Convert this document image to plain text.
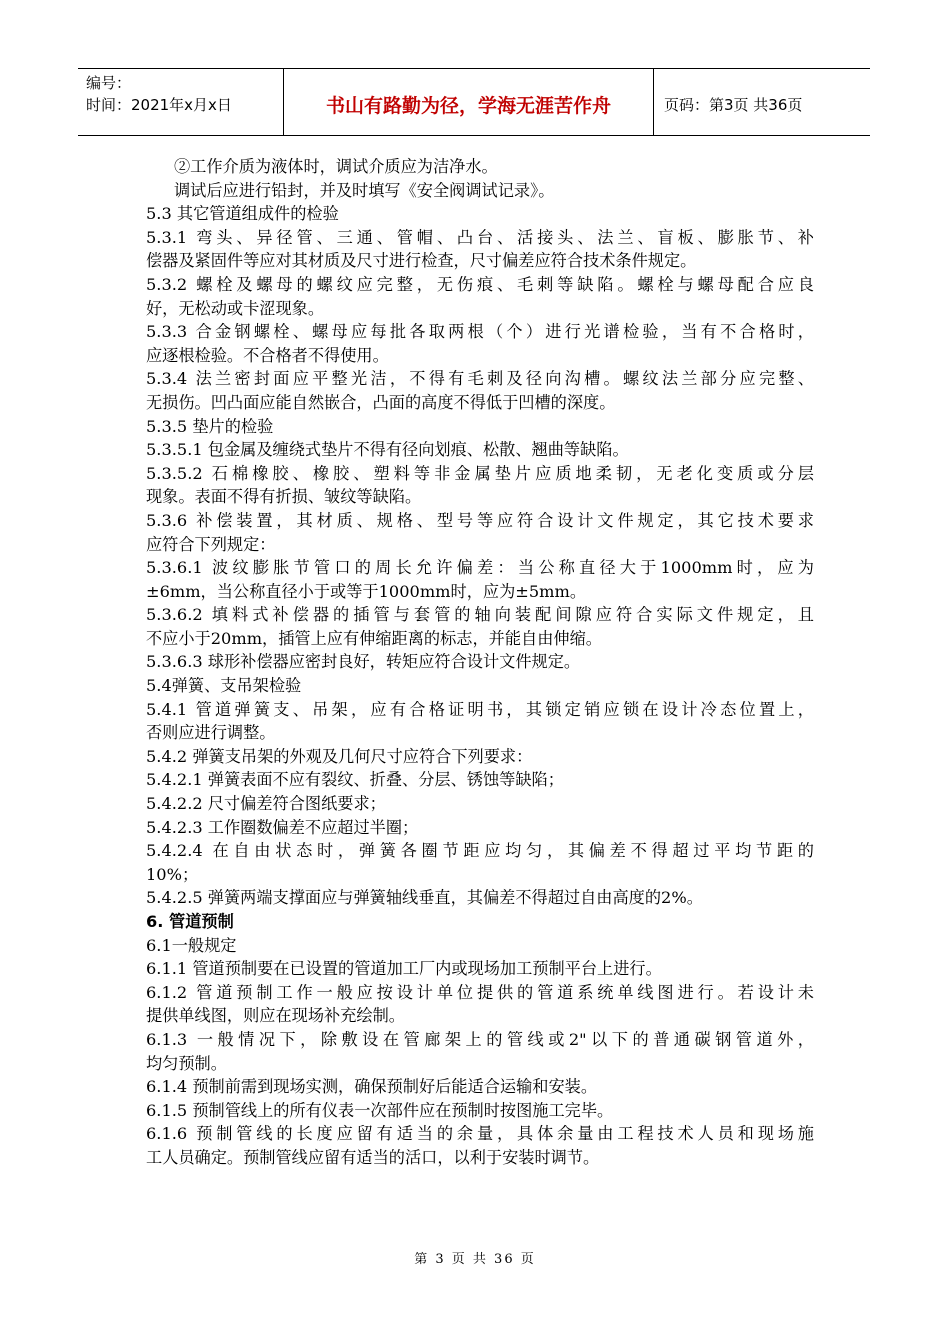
编号：
时间：2021年x月x日	书山有路勤为径，学海无涯苦作舟	页码：第3页 共36页
②工作介质为液体时，调试介质应为洁净水。
调试后应进行铅封，并及时填写《安全阀调试记录》。
5.3 其它管道组成件的检验
5.3.1 弯头、异径管、三通、管帽、凸台、活接头、法兰、盲板、膨胀节、补
偿器及紧固件等应对其材质及尺寸进行检查，尺寸偏差应符合技术条件规定。
5.3.2 螺栓及螺母的螺纹应完整，无伤痕、毛刺等缺陷。螺栓与螺母配合应良
好，无松动或卡涩现象。
5.3.3 合金钢螺栓、螺母应每批各取两根（个）进行光谱检验，当有不合格时，
应逐根检验。不合格者不得使用。
5.3.4 法兰密封面应平整光洁，不得有毛刺及径向沟槽。螺纹法兰部分应完整、
无损伤。凹凸面应能自然嵌合，凸面的高度不得低于凹槽的深度。
5.3.5 垫片的检验
5.3.5.1 包金属及缠绕式垫片不得有径向划痕、松散、翘曲等缺陷。
5.3.5.2 石棉橡胶、橡胶、塑料等非金属垫片应质地柔韧，无老化变质或分层
现象。表面不得有折损、皱纹等缺陷。
5.3.6 补偿装置，其材质、规格、型号等应符合设计文件规定，其它技术要求
应符合下列规定：
5.3.6.1 波纹膨胀节管口的周长允许偏差：当公称直径大于1000mm时，应为
±6mm，当公称直径小于或等于1000mm时，应为±5mm。
5.3.6.2 填料式补偿器的插管与套管的轴向装配间隙应符合实际文件规定，且
不应小于20mm，插管上应有伸缩距离的标志，并能自由伸缩。
5.3.6.3 球形补偿器应密封良好，转矩应符合设计文件规定。
5.4弹簧、支吊架检验
5.4.1 管道弹簧支、吊架，应有合格证明书，其锁定销应锁在设计冷态位置上，
否则应进行调整。
5.4.2 弹簧支吊架的外观及几何尺寸应符合下列要求：
5.4.2.1 弹簧表面不应有裂纹、折叠、分层、锈蚀等缺陷；
5.4.2.2 尺寸偏差符合图纸要求；
5.4.2.3 工作圈数偏差不应超过半圈；
5.4.2.4 在自由状态时，弹簧各圈节距应均匀，其偏差不得超过平均节距的
10%；
5.4.2.5 弹簧两端支撑面应与弹簧轴线垂直，其偏差不得超过自由高度的2%。
6. 管道预制
6.1一般规定
6.1.1 管道预制要在已设置的管道加工厂内或现场加工预制平台上进行。
6.1.2 管道预制工作一般应按设计单位提供的管道系统单线图进行。若设计未
提供单线图，则应在现场补充绘制。
6.1.3 一般情况下，除敷设在管廊架上的管线或2"以下的普通碳钢管道外，
均匀预制。
6.1.4 预制前需到现场实测，确保预制好后能适合运输和安装。
6.1.5 预制管线上的所有仪表一次部件应在预制时按图施工完毕。
6.1.6 预制管线的长度应留有适当的余量，具体余量由工程技术人员和现场施
工人员确定。预制管线应留有适当的活口，以利于安装时调节。
第 3 页 共 36 页
